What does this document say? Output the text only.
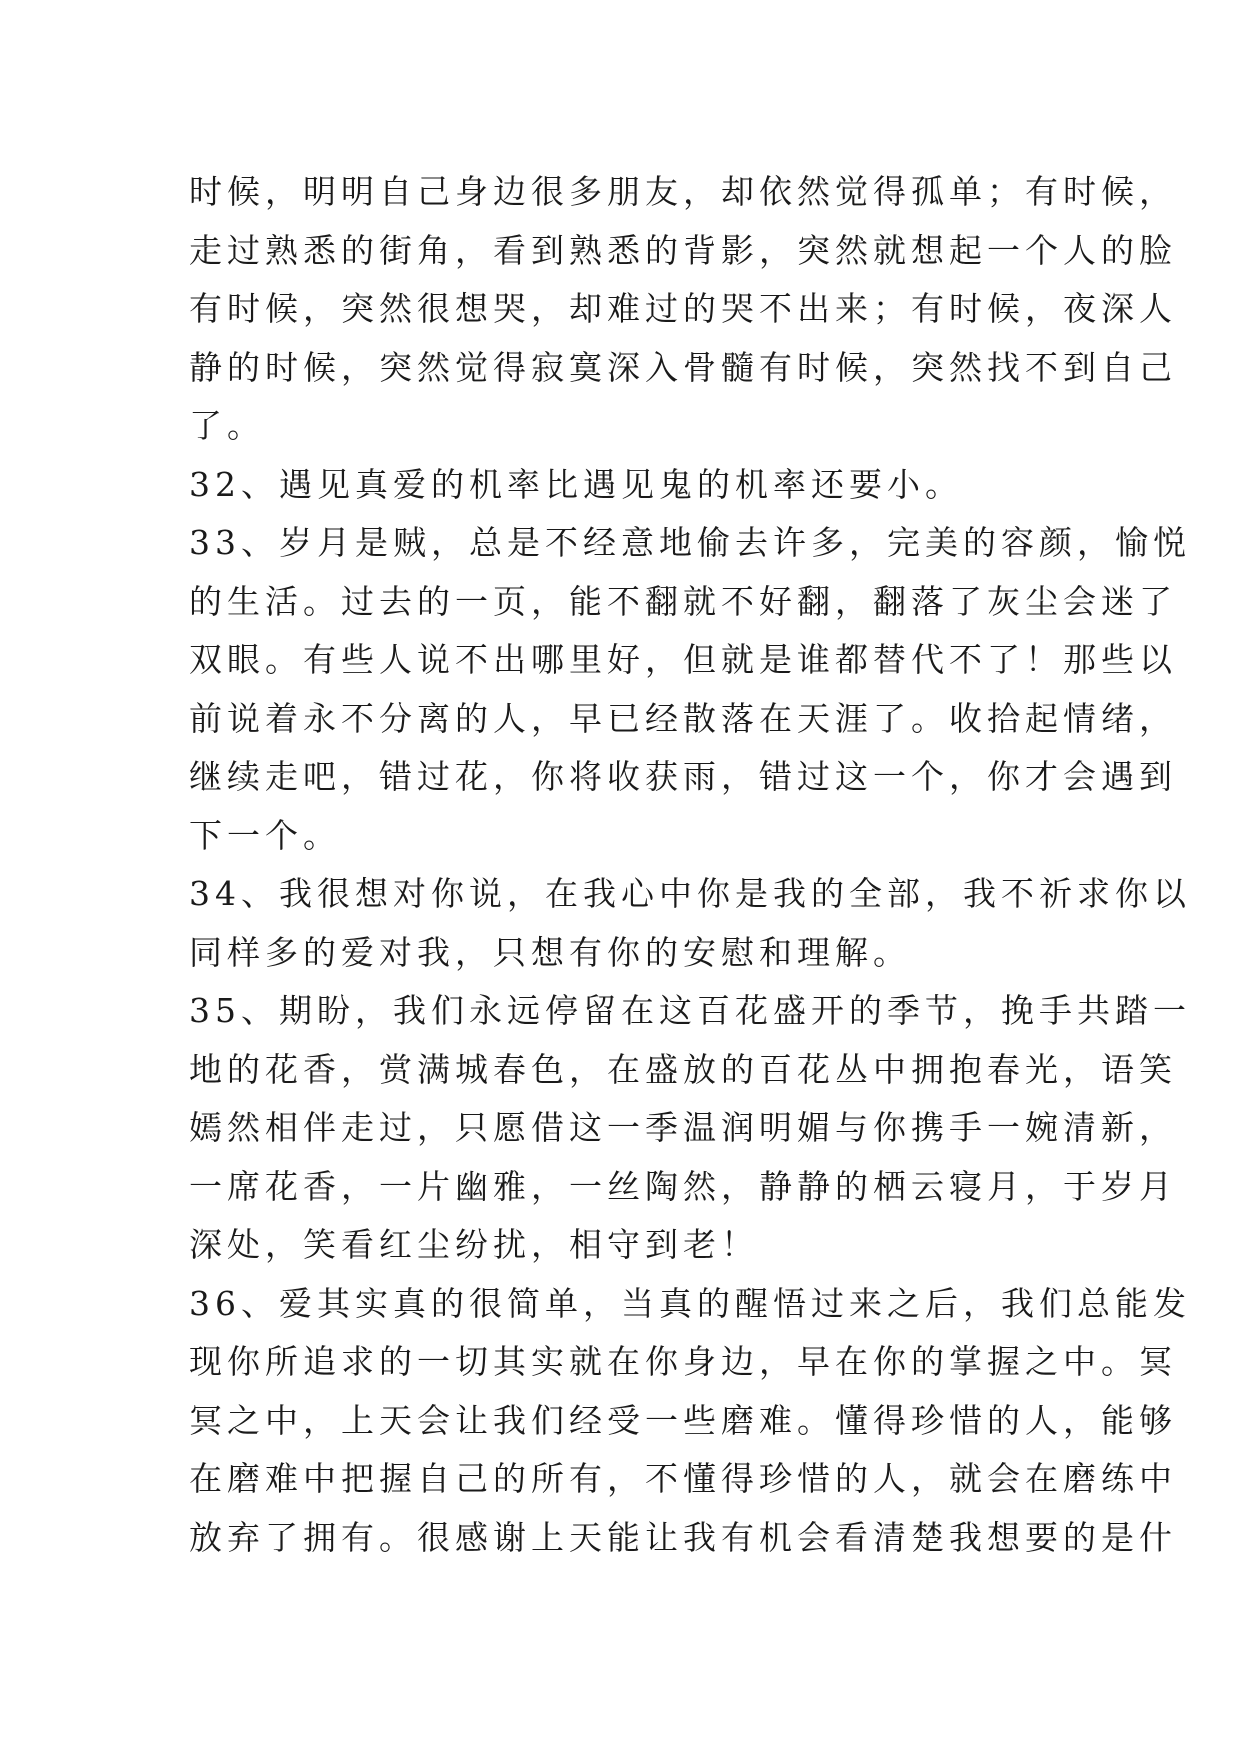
时候，明明自己身边很多朋友，却依然觉得孤单；有时候，
走过熟悉的街角，看到熟悉的背影，突然就想起一个人的脸
有时候，突然很想哭，却难过的哭不出来；有时候，夜深人
静的时候，突然觉得寂寞深入骨髓有时候，突然找不到自己
了。
32、遇见真爱的机率比遇见鬼的机率还要小。
33、岁月是贼，总是不经意地偷去许多，完美的容颜，愉悦
的生活。过去的一页，能不翻就不好翻，翻落了灰尘会迷了
双眼。有些人说不出哪里好，但就是谁都替代不了！那些以
前说着永不分离的人，早已经散落在天涯了。收拾起情绪，
继续走吧，错过花，你将收获雨，错过这一个，你才会遇到
下一个。
34、我很想对你说，在我心中你是我的全部，我不祈求你以
同样多的爱对我，只想有你的安慰和理解。
35、期盼，我们永远停留在这百花盛开的季节，挽手共踏一
地的花香，赏满城春色，在盛放的百花丛中拥抱春光，语笑
嫣然相伴走过，只愿借这一季温润明媚与你携手一婉清新，
一席花香，一片幽雅，一丝陶然，静静的栖云寝月，于岁月
深处，笑看红尘纷扰，相守到老！
36、爱其实真的很简单，当真的醒悟过来之后，我们总能发
现你所追求的一切其实就在你身边，早在你的掌握之中。冥
冥之中，上天会让我们经受一些磨难。懂得珍惜的人，能够
在磨难中把握自己的所有，不懂得珍惜的人，就会在磨练中
放弃了拥有。很感谢上天能让我有机会看清楚我想要的是什
